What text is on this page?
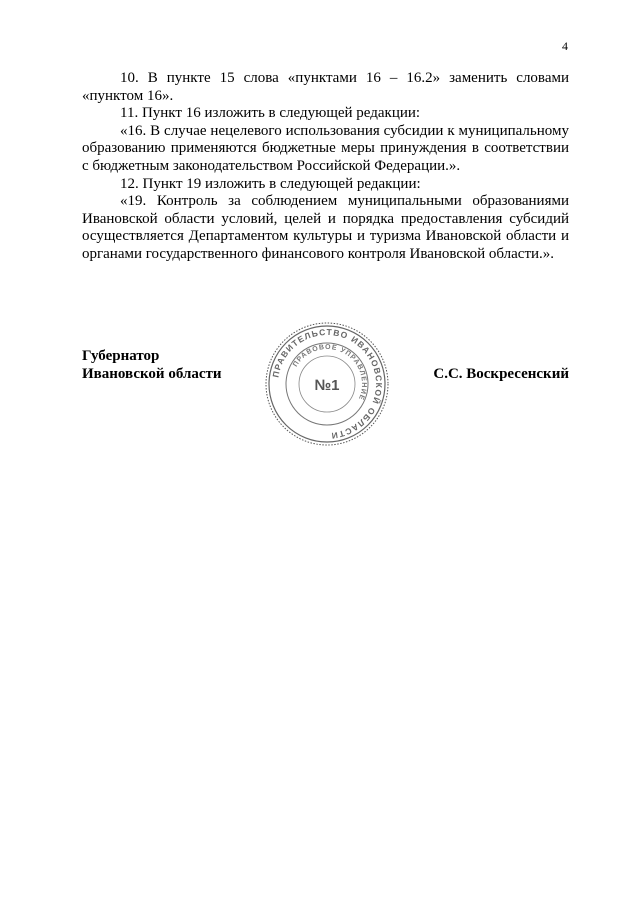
4

10. В пункте 15 слова «пунктами 16 – 16.2» заменить словами «пунктом 16».

11. Пункт 16 изложить в следующей редакции:

«16. В случае нецелевого использования субсидии к муниципальному образованию применяются бюджетные меры принуждения в соответствии с бюджетным законодательством Российской Федерации.».

12. Пункт 19 изложить в следующей редакции:

«19. Контроль за соблюдением муниципальными образованиями Ивановской области условий, целей и порядка предоставления субсидий осуществляется Департаментом культуры и туризма Ивановской области и органами государственного финансового контроля Ивановской области.».

Губернатор
Ивановской области	ПРАВИТЕЛЬСТВО ИВАНОВСКОЙ ОБЛАСТИ
ПРАВОВОЕ УПРАВЛЕНИЕ
№1
С.С. Воскресенский
